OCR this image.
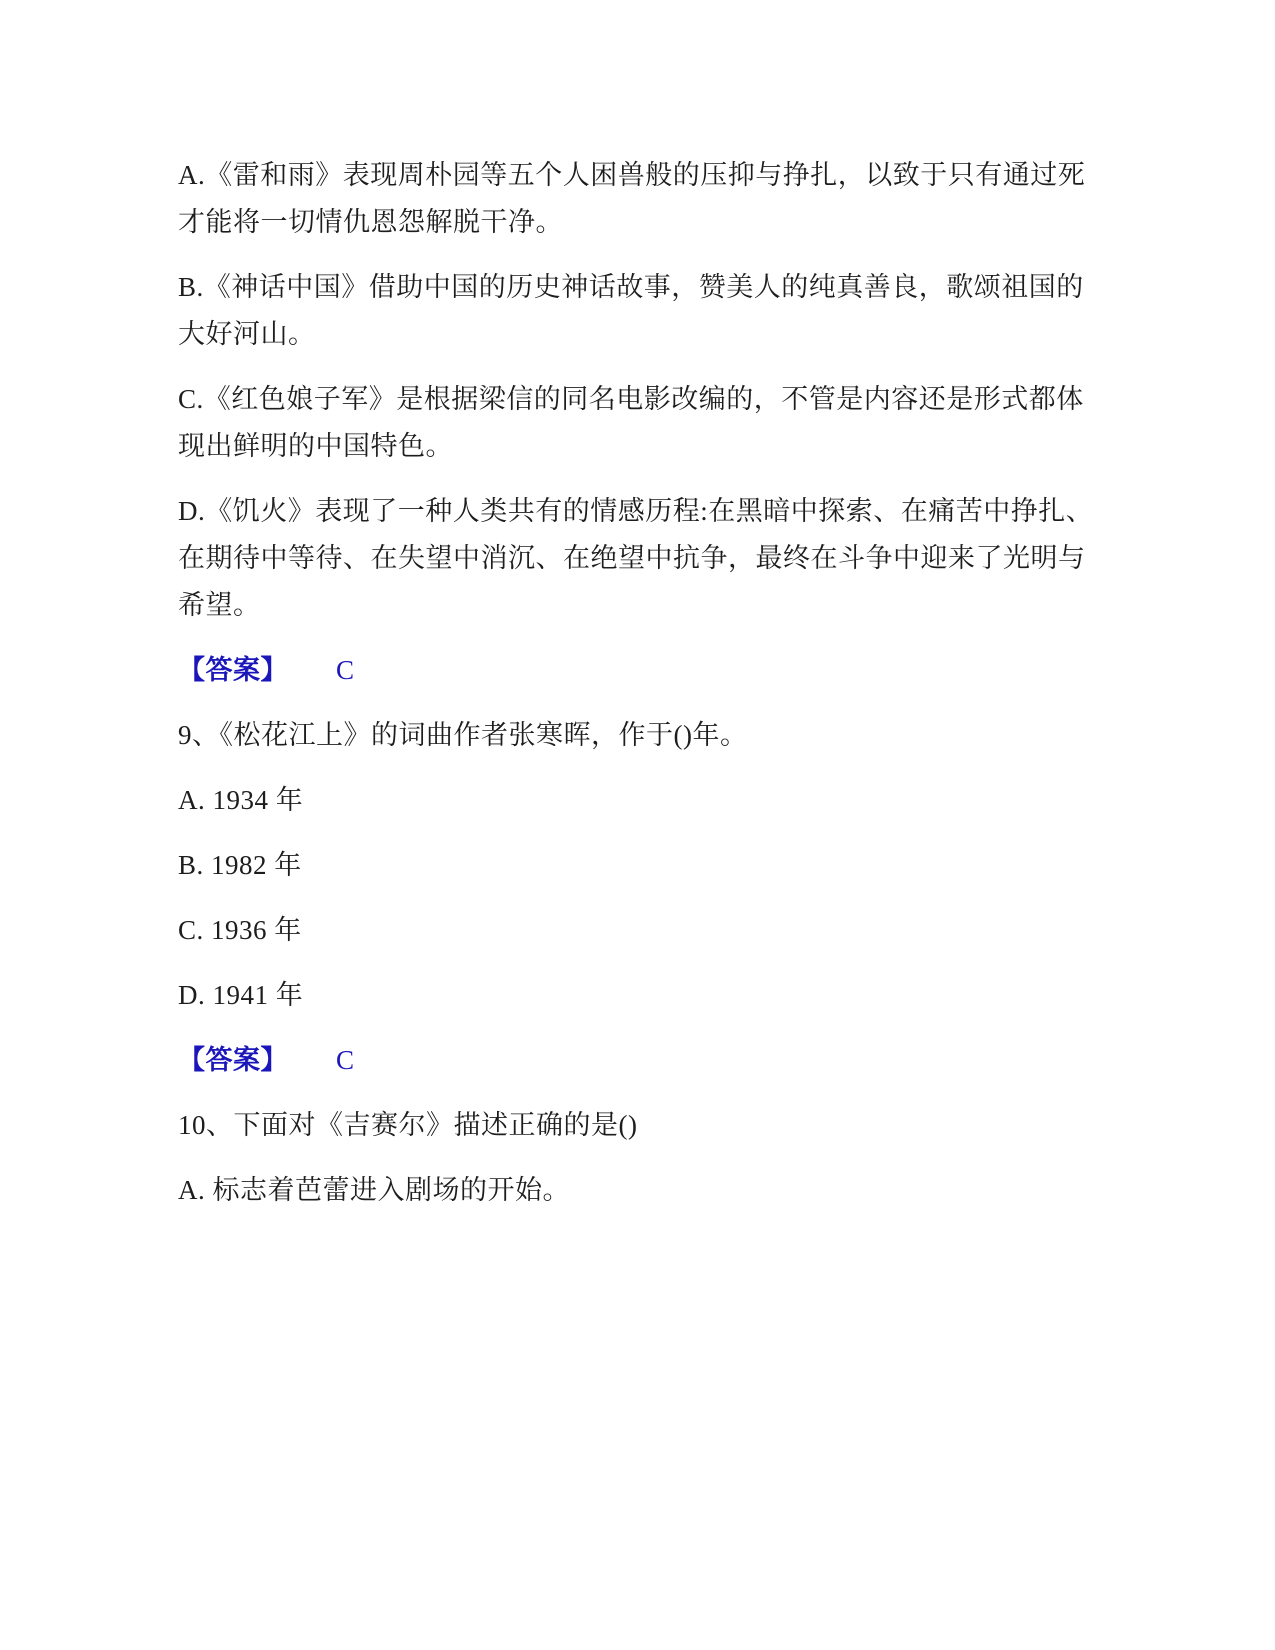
A.《雷和雨》表现周朴园等五个人困兽般的压抑与挣扎，以致于只有通过死才能将一切情仇恩怨解脱干净。

B.《神话中国》借助中国的历史神话故事，赞美人的纯真善良，歌颂祖国的大好河山。

C.《红色娘子军》是根据梁信的同名电影改编的，不管是内容还是形式都体现出鲜明的中国特色。

D.《饥火》表现了一种人类共有的情感历程:在黑暗中探索、在痛苦中挣扎、在期待中等待、在失望中消沉、在绝望中抗争，最终在斗争中迎来了光明与希望。

【答案】 C

9、《松花江上》的词曲作者张寒晖，作于()年。

A. 1934 年

B. 1982 年

C. 1936 年

D. 1941 年

【答案】 C

10、下面对《吉赛尔》描述正确的是()

A. 标志着芭蕾进入剧场的开始。
